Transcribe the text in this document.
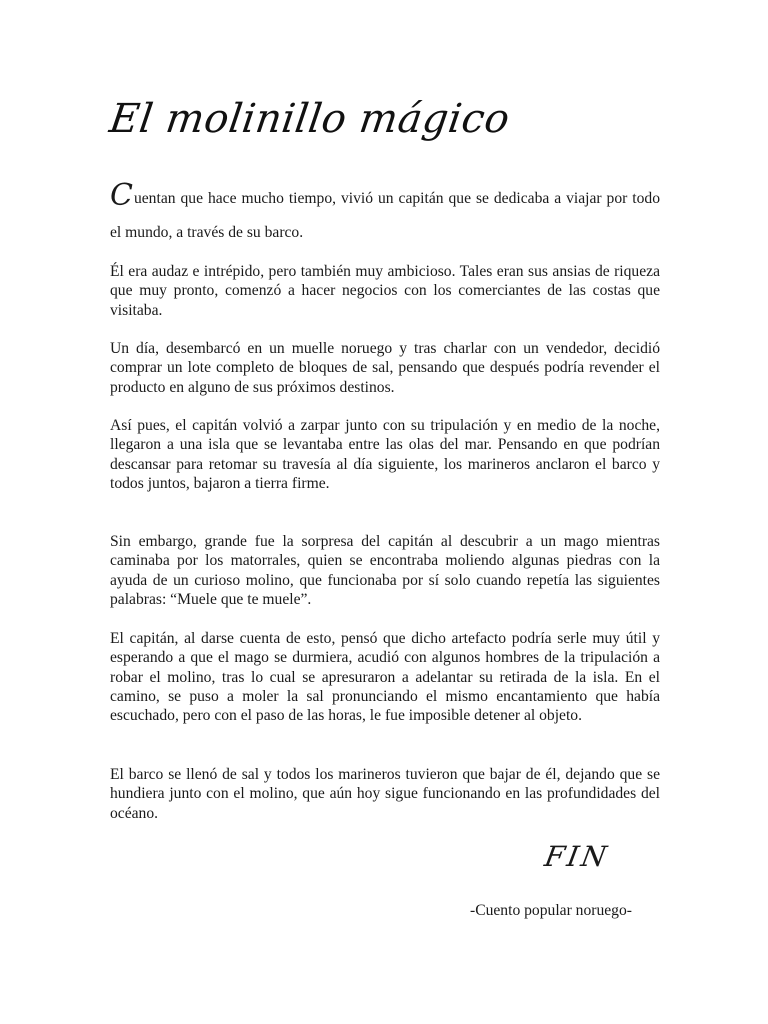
El molinillo mágico
Cuentan que hace mucho tiempo, vivió un capitán que se dedicaba a viajar por todo el mundo, a través de su barco.

Él era audaz e intrépido, pero también muy ambicioso. Tales eran sus ansias de riqueza que muy pronto, comenzó a hacer negocios con los comerciantes de las costas que visitaba.

Un día, desembarcó en un muelle noruego y tras charlar con un vendedor, decidió comprar un lote completo de bloques de sal, pensando que después podría revender el producto en alguno de sus próximos destinos.

Así pues, el capitán volvió a zarpar junto con su tripulación y en medio de la noche, llegaron a una isla que se levantaba entre las olas del mar. Pensando en que podrían descansar para retomar su travesía al día siguiente, los marineros anclaron el barco y todos juntos, bajaron a tierra firme.

Sin embargo, grande fue la sorpresa del capitán al descubrir a un mago mientras caminaba por los matorrales, quien se encontraba moliendo algunas piedras con la ayuda de un curioso molino, que funcionaba por sí solo cuando repetía las siguientes palabras: “Muele que te muele”.

El capitán, al darse cuenta de esto, pensó que dicho artefacto podría serle muy útil y esperando a que el mago se durmiera, acudió con algunos hombres de la tripulación a robar el molino, tras lo cual se apresuraron a adelantar su retirada de la isla. En el camino, se puso a moler la sal pronunciando el mismo encantamiento que había escuchado, pero con el paso de las horas, le fue imposible detener al objeto.

El barco se llenó de sal y todos los marineros tuvieron que bajar de él, dejando que se hundiera junto con el molino, que aún hoy sigue funcionando en las profundidades del océano.

FIN
-Cuento popular noruego-
